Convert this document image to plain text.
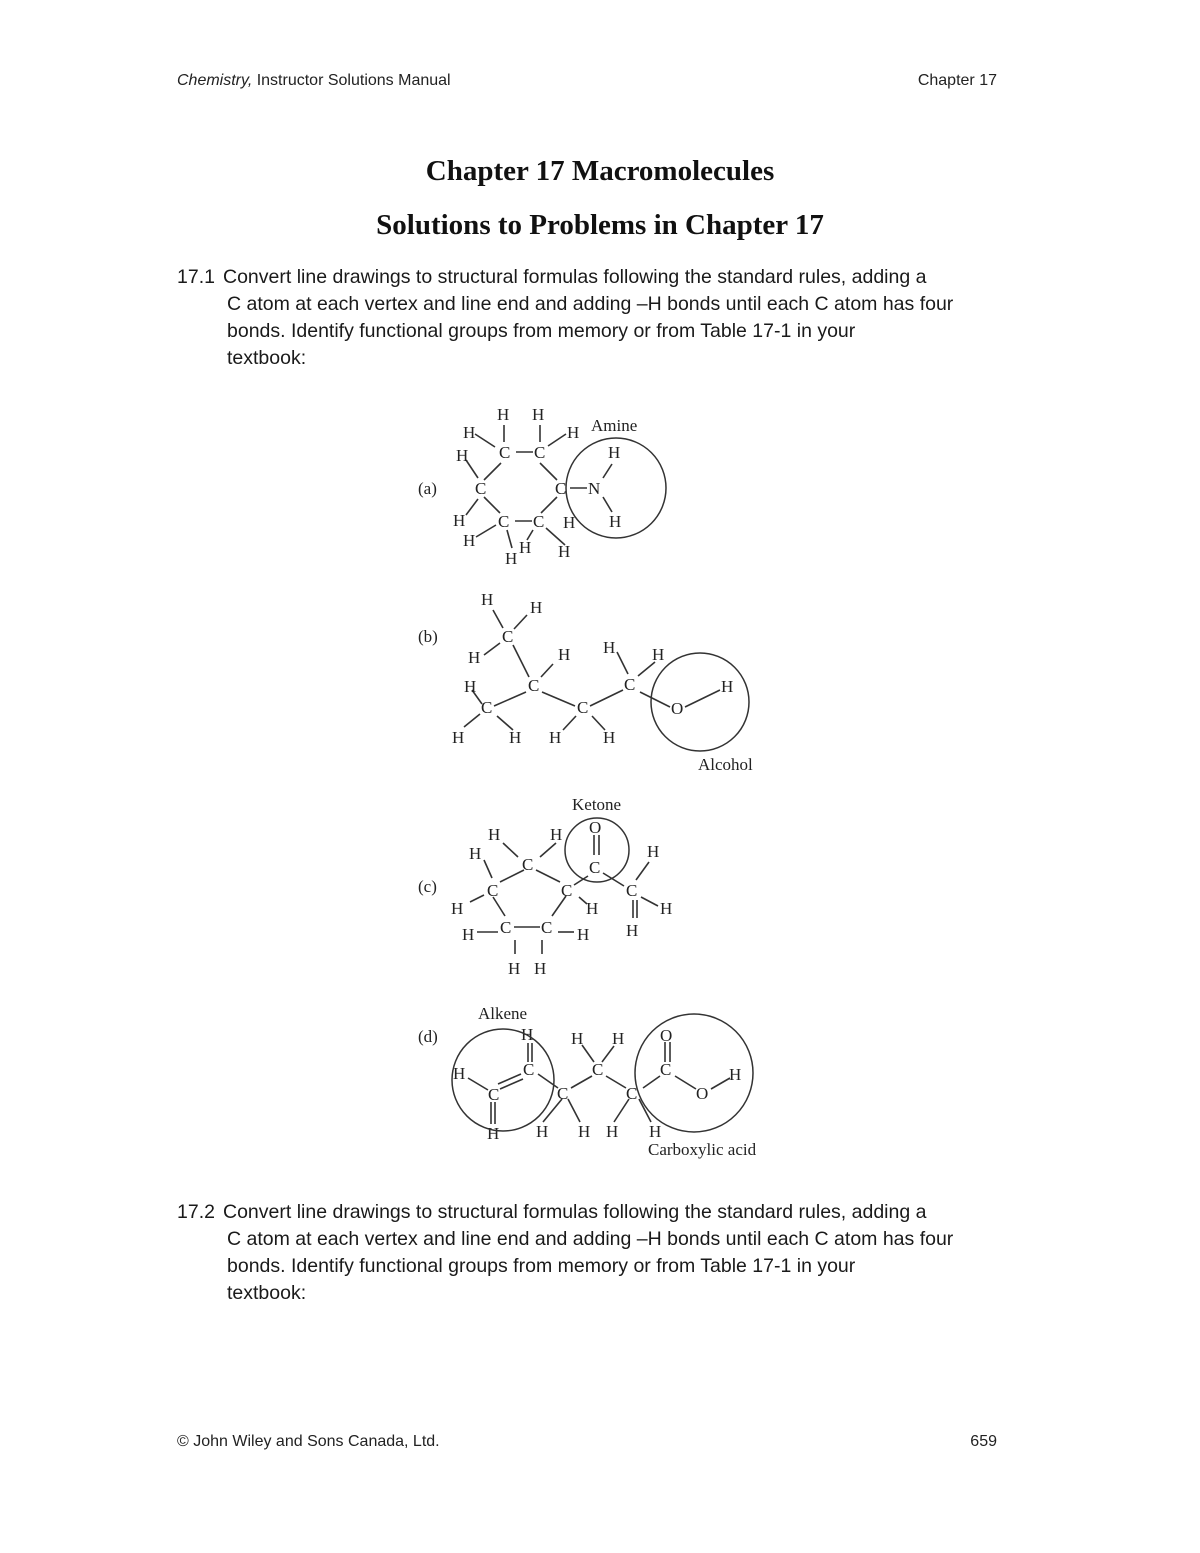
Chemistry, Instructor Solutions Manual	Chapter 17
Chapter 17 Macromolecules
Solutions to Problems in Chapter 17
17.1 Convert line drawings to structural formulas following the standard rules, adding a
C atom at each vertex and line end and adding –H bonds until each C atom has four
bonds. Identify functional groups from memory or from Table 17-1 in your
textbook:
(a)
H H
H	H
H C C	H
C	C N
H C C H H
H	H
H H
Amine
(b)
H H
C
H	H H H
H	C	C	H
C	C	O
H	H H H
Alcohol
(c)
H	H O
H
H
C	C
C	C	C
H	H	H
H C C H H
H H
Ketone
(d)	H H H O
H	C	C	C	H
C	C	C	O
H H H H H
Alkene
Carboxylic acid
17.2 Convert line drawings to structural formulas following the standard rules, adding a
C atom at each vertex and line end and adding –H bonds until each C atom has four
bonds. Identify functional groups from memory or from Table 17-1 in your
textbook:
© John Wiley and Sons Canada, Ltd.	659
